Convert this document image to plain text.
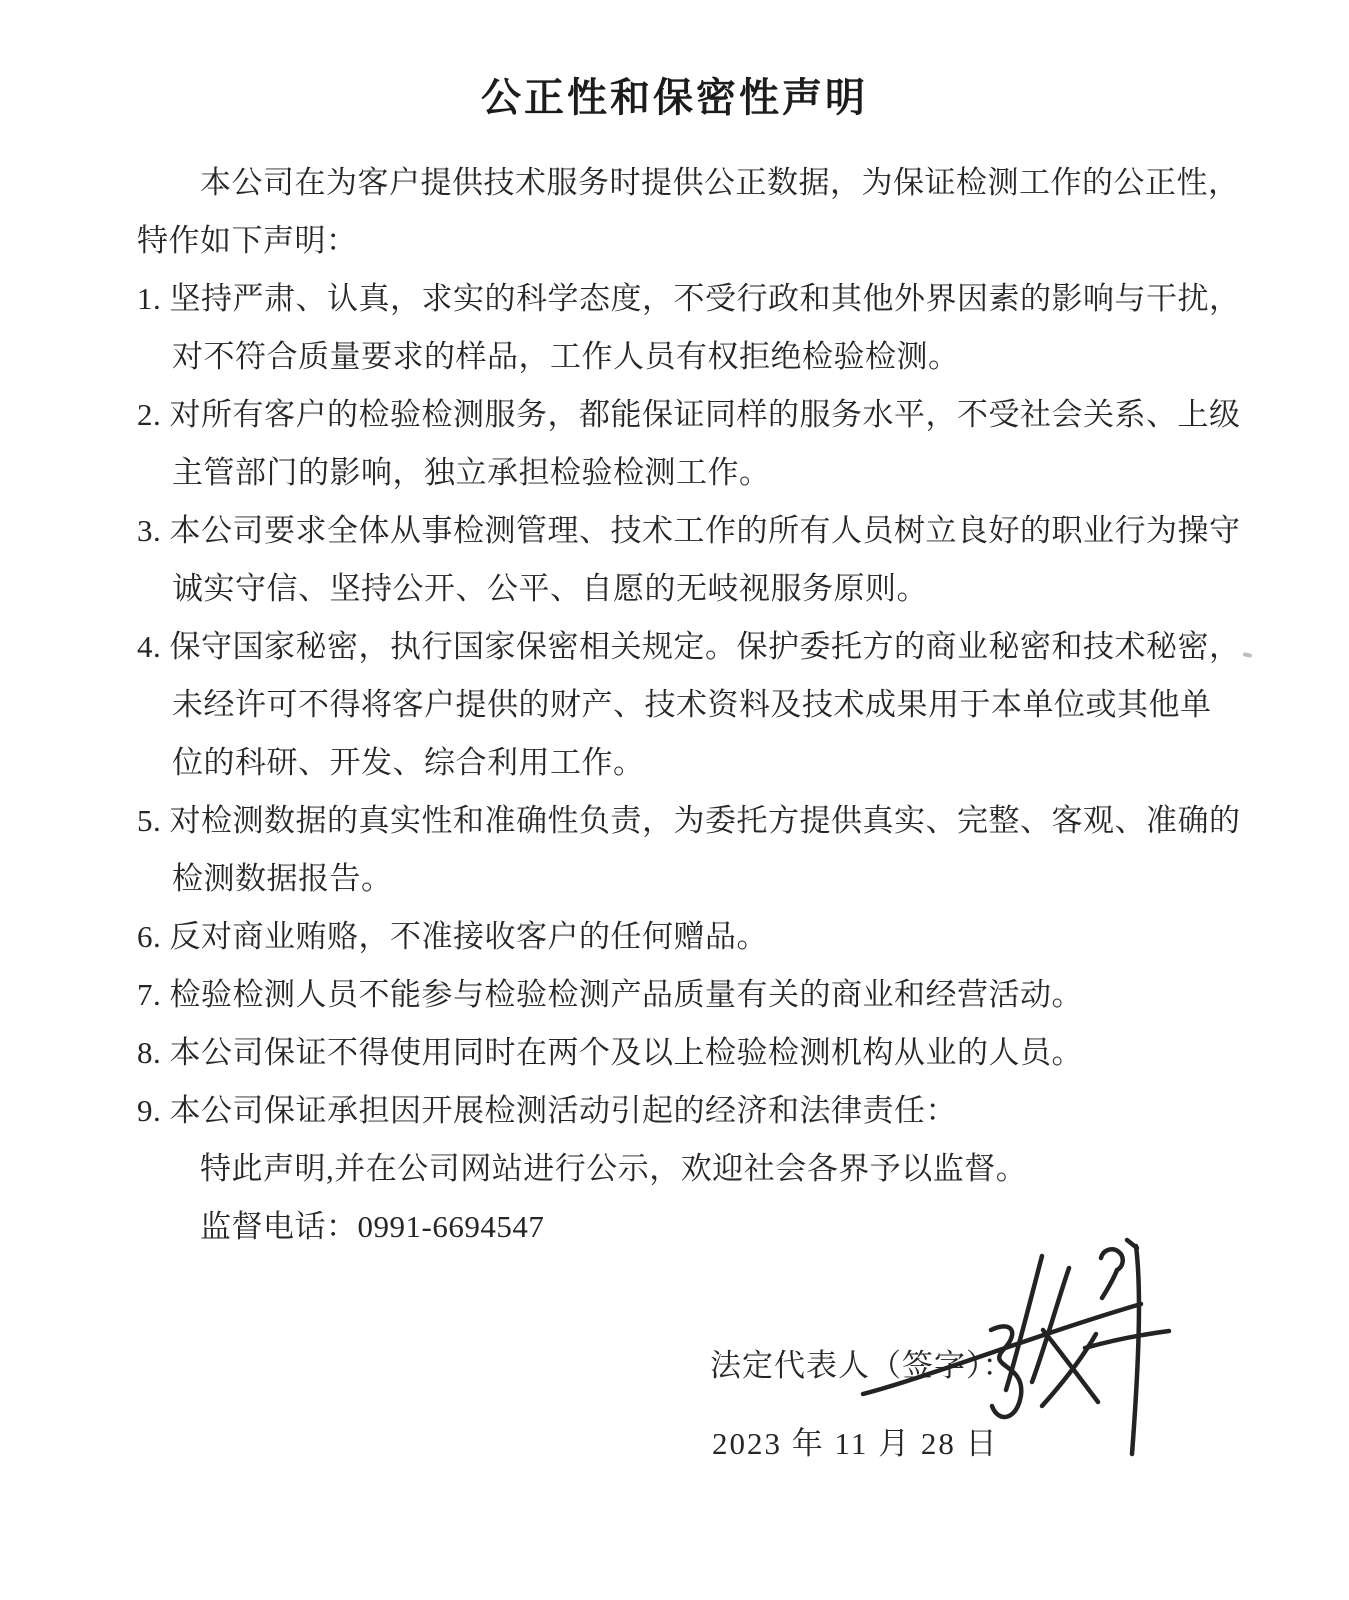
公正性和保密性声明
本公司在为客户提供技术服务时提供公正数据，为保证检测工作的公正性，
特作如下声明：
1. 坚持严肃、认真，求实的科学态度，不受行政和其他外界因素的影响与干扰，
对不符合质量要求的样品，工作人员有权拒绝检验检测。
2. 对所有客户的检验检测服务，都能保证同样的服务水平，不受社会关系、上级
主管部门的影响，独立承担检验检测工作。
3. 本公司要求全体从事检测管理、技术工作的所有人员树立良好的职业行为操守
诚实守信、坚持公开、公平、自愿的无岐视服务原则。
4. 保守国家秘密，执行国家保密相关规定。保护委托方的商业秘密和技术秘密，
未经许可不得将客户提供的财产、技术资料及技术成果用于本单位或其他单
位的科研、开发、综合利用工作。
5. 对检测数据的真实性和准确性负责，为委托方提供真实、完整、客观、准确的
检测数据报告。
6. 反对商业贿赂，不准接收客户的任何赠品。
7. 检验检测人员不能参与检验检测产品质量有关的商业和经营活动。
8. 本公司保证不得使用同时在两个及以上检验检测机构从业的人员。
9. 本公司保证承担因开展检测活动引起的经济和法律责任：
特此声明,并在公司网站进行公示，欢迎社会各界予以监督。
监督电话：0991-6694547
法定代表人（签字）：
2023 年 11 月 28 日
